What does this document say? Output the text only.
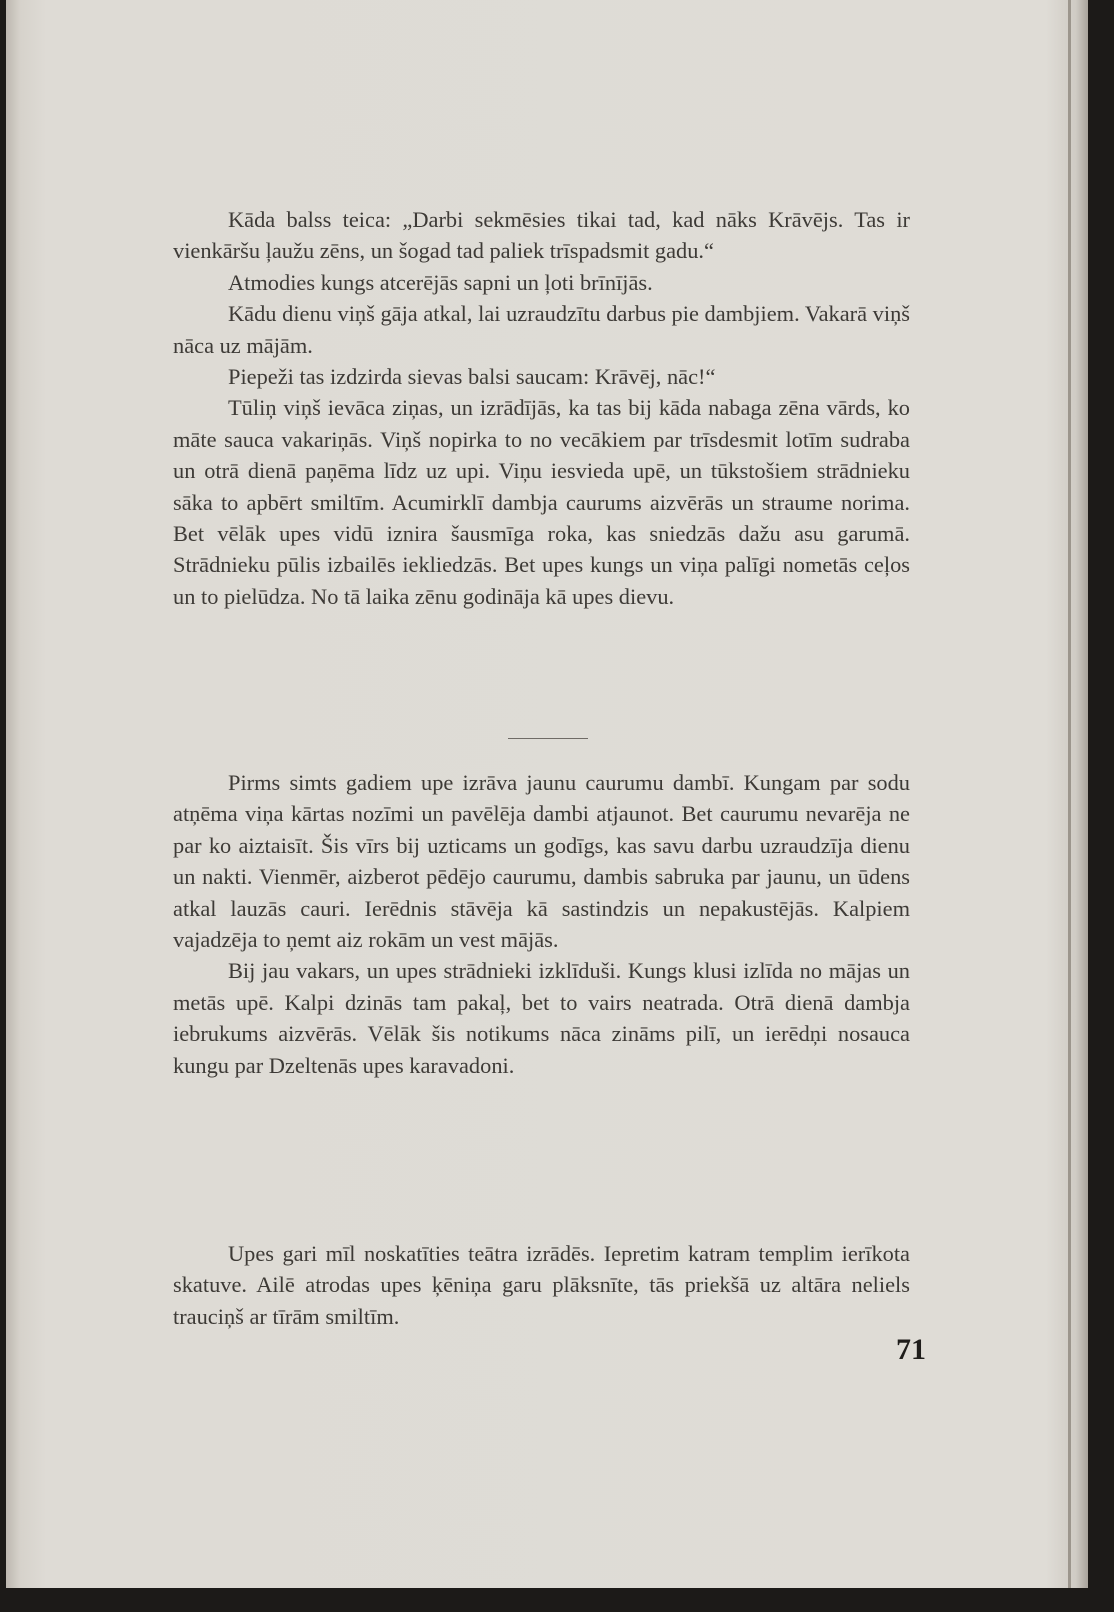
Kāda balss teica: „Darbi sekmēsies tikai tad, kad nāks Krāvējs. Tas ir vienkāršu ļaužu zēns, un šogad tad paliek trīspadsmit gadu.“

Atmodies kungs atcerējās sapni un ļoti brīnījās.

Kādu dienu viņš gāja atkal, lai uzraudzītu darbus pie dambjiem. Vakarā viņš nāca uz mājām.

Piepeži tas izdzirda sievas balsi saucam: Krāvēj, nāc!“

Tūliņ viņš ievāca ziņas, un izrādījās, ka tas bij kāda nabaga zēna vārds, ko māte sauca vakariņās. Viņš nopirka to no vecākiem par trīsdesmit lotīm sudraba un otrā dienā paņēma līdz uz upi. Viņu iesvieda upē, un tūkstošiem strādnieku sāka to apbērt smiltīm. Acumirklī dambja caurums aizvērās un straume norima. Bet vēlāk upes vidū iznira šausmīga roka, kas sniedzās dažu asu garumā. Strādnieku pūlis izbailēs iekliedzās. Bet upes kungs un viņa palīgi nometās ceļos un to pielūdza. No tā laika zēnu godināja kā upes dievu.

Pirms simts gadiem upe izrāva jaunu caurumu dambī. Kungam par sodu atņēma viņa kārtas nozīmi un pavēlēja dambi atjaunot. Bet caurumu nevarēja ne par ko aiztaisīt. Šis vīrs bij uzticams un godīgs, kas savu darbu uzraudzīja dienu un nakti. Vienmēr, aizberot pēdējo caurumu, dambis sabruka par jaunu, un ūdens atkal lauzās cauri. Ierēdnis stāvēja kā sastindzis un nepakustējās. Kalpiem vajadzēja to ņemt aiz rokām un vest mājās.

Bij jau vakars, un upes strādnieki izklīduši. Kungs klusi izlīda no mājas un metās upē. Kalpi dzinās tam pakaļ, bet to vairs neatrada. Otrā dienā dambja iebrukums aizvērās. Vēlāk šis notikums nāca zināms pilī, un ierēdņi nosauca kungu par Dzeltenās upes karavadoni.

Upes gari mīl noskatīties teātra izrādēs. Iepretim katram templim ierīkota skatuve. Ailē atrodas upes ķēniņa garu plāksnīte, tās priekšā uz altāra neliels trauciņš ar tīrām smiltīm.

71
